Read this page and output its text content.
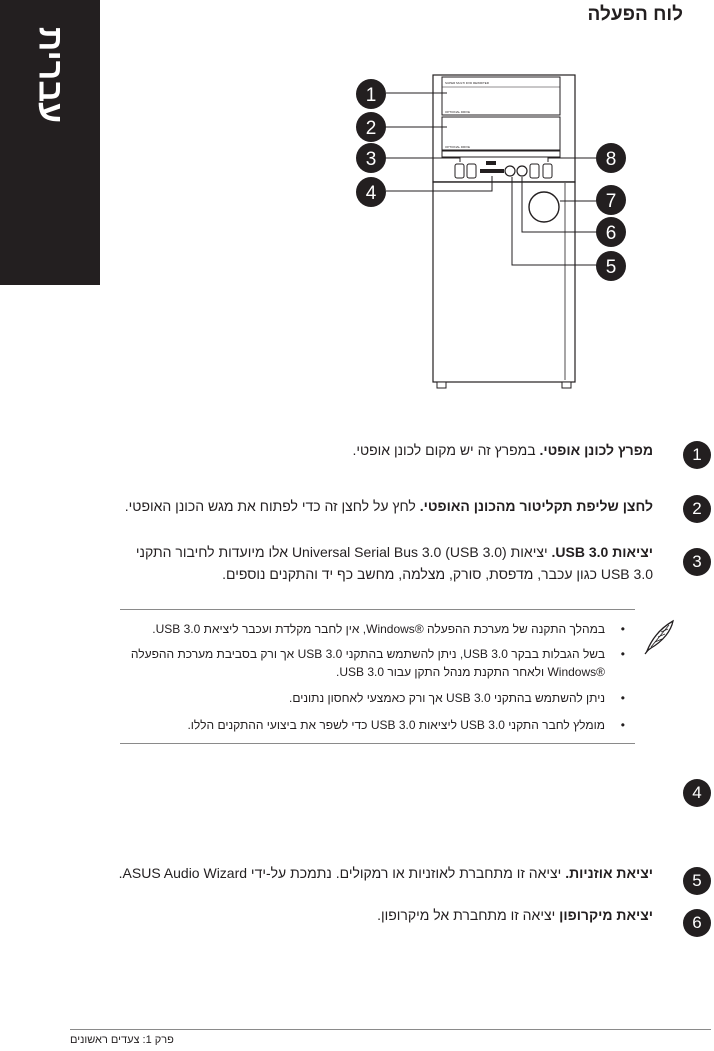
עברית
לוח הפעלה
SUPER MULTI DVD REWRITER
OPTIONAL DRIVE
OPTIONAL DRIVE
1
2
3
4
5
6
7
8
1

מפרץ לכונן אופטי. במפרץ זה יש מקום לכונן אופטי.

2

לחצן שליפת תקליטור מהכונן האופטי. לחץ על לחצן זה כדי לפתוח את מגש הכונן האופטי.

3

יציאות USB 3.0. יציאות (USB 3.0) Universal Serial Bus 3.0 אלו מיועדות לחיבור התקני USB 3.0 כגון עכבר, מדפסת, סורק, מצלמה, מחשב כף יד והתקנים נוספים.

•
במהלך התקנה של מערכת ההפעלה ®Windows, אין לחבר מקלדת ועכבר ליציאת USB 3.0.
•
בשל הגבלות בבקר USB 3.0, ניתן להשתמש בהתקני USB 3.0 אך ורק בסביבת מערכת ההפעלה ®Windows ולאחר התקנת מנהל התקן עבור USB 3.0.
•
ניתן להשתמש בהתקני USB 3.0 אך ורק כאמצעי לאחסון נתונים.
•
מומלץ לחבר התקני USB 3.0 ליציאות USB 3.0 כדי לשפר את ביצועי ההתקנים הללו.
4

5

יציאת אוזניות. יציאה זו מתחברת לאוזניות או רמקולים. נתמכת על-ידי ASUS Audio Wizard.

6

יציאת מיקרופון יציאה זו מתחברת אל מיקרופון.

פרק 1: צעדים ראשונים
